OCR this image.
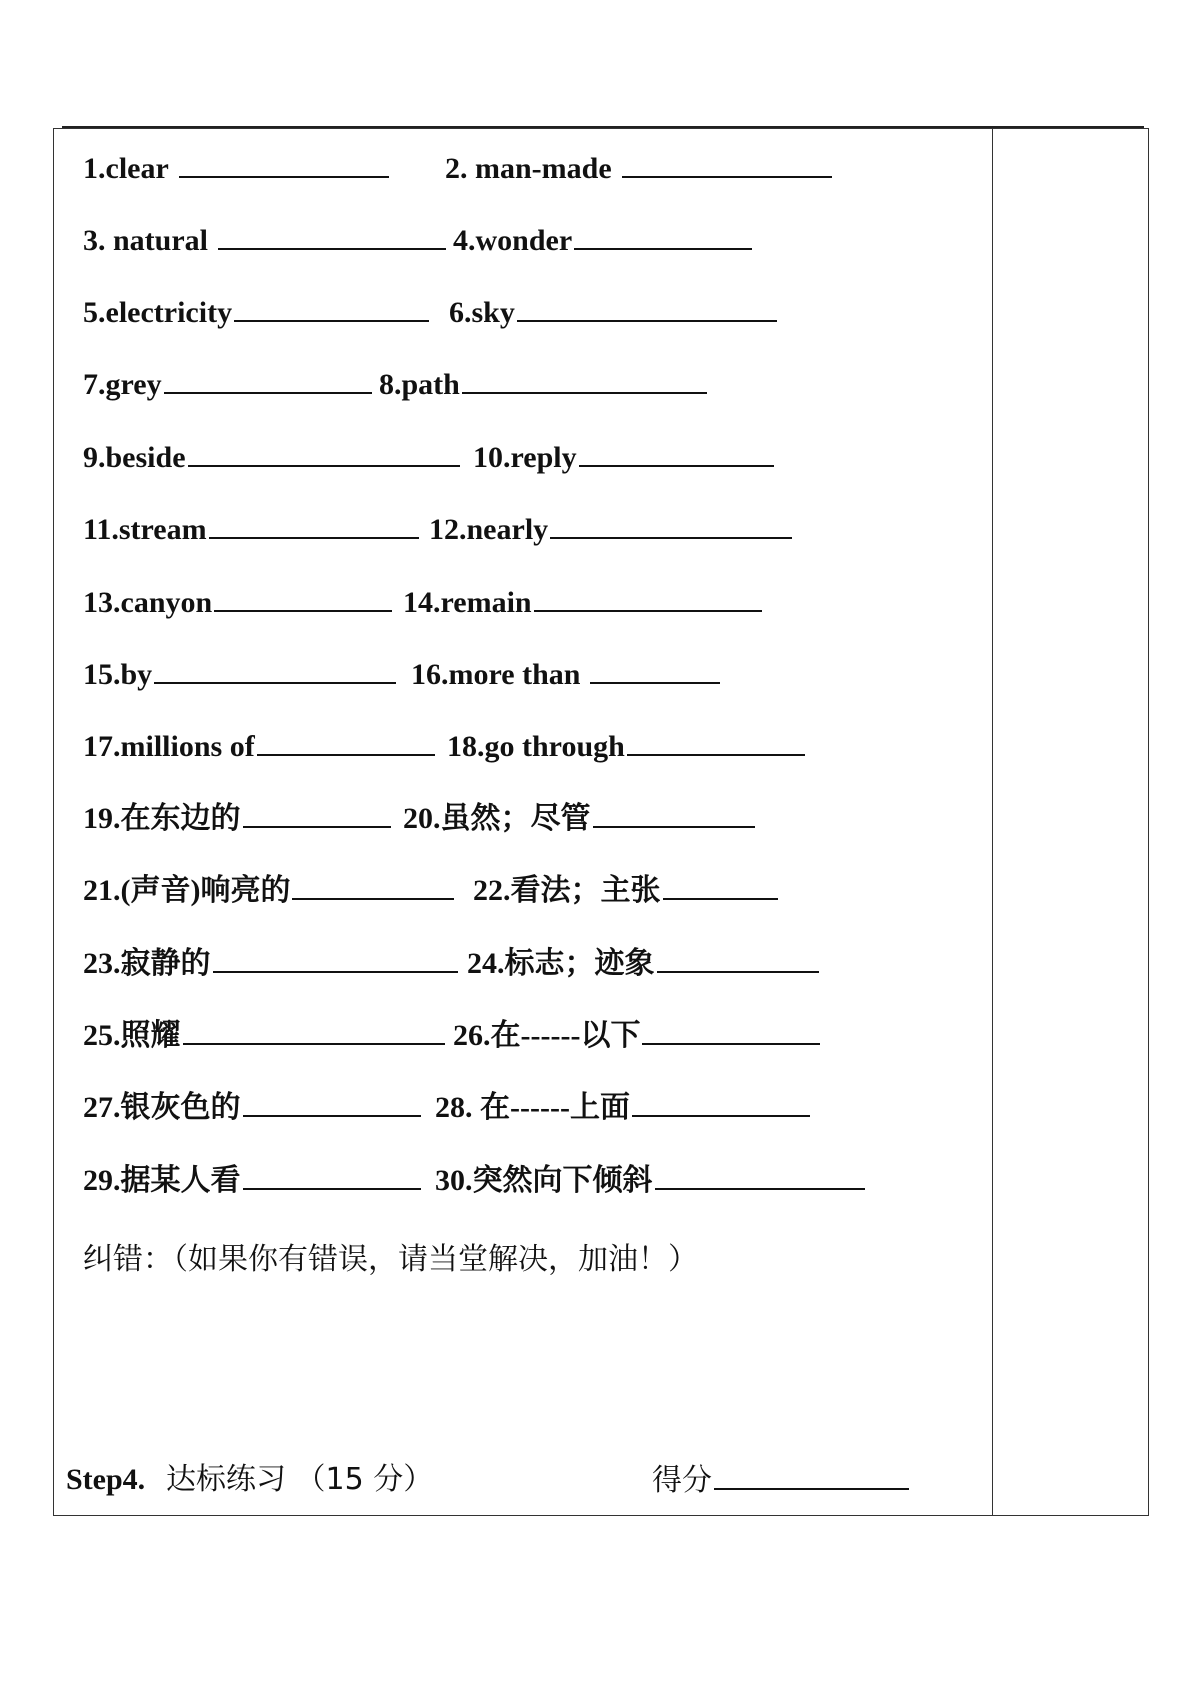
1.clear	2. man-made
3. natural	4.wonder
5.electricity	6.sky
7.grey	8.path
9.beside	10.reply
11.stream	12.nearly
13.canyon	14.remain
15.by	16.more than
17.millions of	18.go through
19.在东边的	20.虽然；尽管
21.(声音)响亮的	22.看法；主张
23.寂静的	24.标志；迹象
25.照耀	26.在------以下
27.银灰色的	28. 在------上面
29.据某人看	30.突然向下倾斜
纠错：（如果你有错误，请当堂解决，加油！）
Step4. 达标练习 （15 分）	得分
